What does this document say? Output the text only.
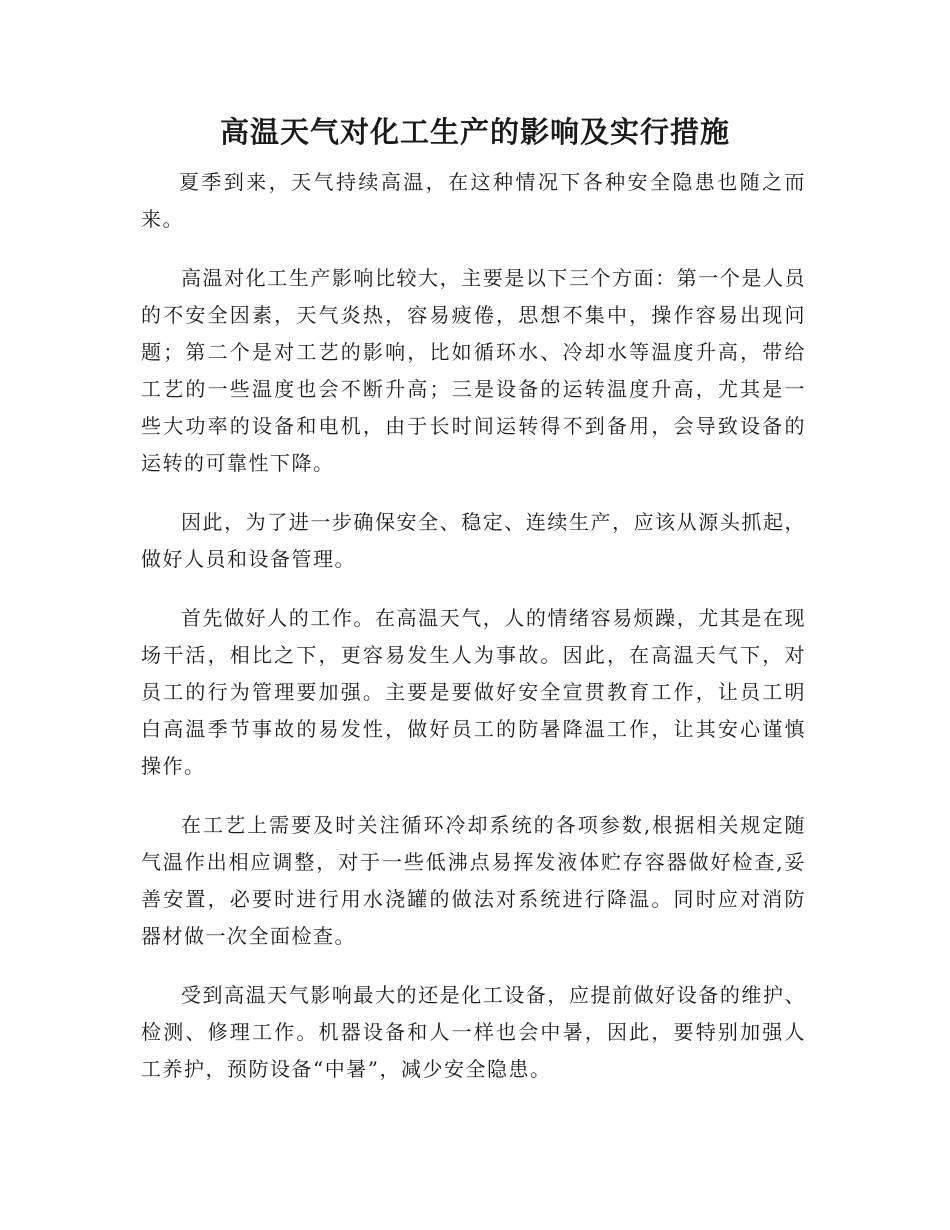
高温天气对化工生产的影响及实行措施

夏季到来，天气持续高温，在这种情况下各种安全隐患也随之而来。

高温对化工生产影响比较大，主要是以下三个方面：第一个是人员的不安全因素，天气炎热，容易疲倦，思想不集中，操作容易出现问题；第二个是对工艺的影响，比如循环水、冷却水等温度升高，带给工艺的一些温度也会不断升高；三是设备的运转温度升高，尤其是一些大功率的设备和电机，由于长时间运转得不到备用，会导致设备的运转的可靠性下降。

因此，为了进一步确保安全、稳定、连续生产，应该从源头抓起，做好人员和设备管理。

首先做好人的工作。在高温天气，人的情绪容易烦躁，尤其是在现场干活，相比之下，更容易发生人为事故。因此，在高温天气下，对员工的行为管理要加强。主要是要做好安全宣贯教育工作，让员工明白高温季节事故的易发性，做好员工的防暑降温工作，让其安心谨慎操作。

在工艺上需要及时关注循环冷却系统的各项参数,根据相关规定随气温作出相应调整，对于一些低沸点易挥发液体贮存容器做好检查,妥善安置，必要时进行用水浇罐的做法对系统进行降温。同时应对消防器材做一次全面检查。

受到高温天气影响最大的还是化工设备，应提前做好设备的维护、检测、修理工作。机器设备和人一样也会中暑，因此，要特别加强人工养护，预防设备“中暑”，减少安全隐患。
